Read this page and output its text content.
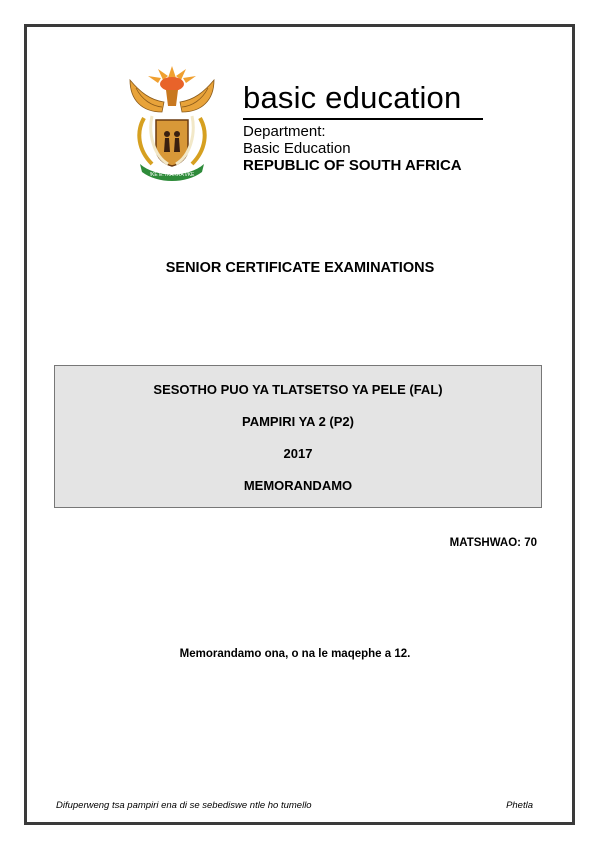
!KE E: /XARRA //KE
basic education
Department:
Basic Education
REPUBLIC OF SOUTH AFRICA
SENIOR CERTIFICATE EXAMINATIONS
SESOTHO PUO YA TLATSETSO YA PELE (FAL)
PAMPIRI YA 2 (P2)
2017
MEMORANDAMO
MATSHWAO: 70
Memorandamo ona, o na le maqephe a 12.
Difuperweng tsa pampiri ena di se sebediswe ntle ho tumello	Phetla
